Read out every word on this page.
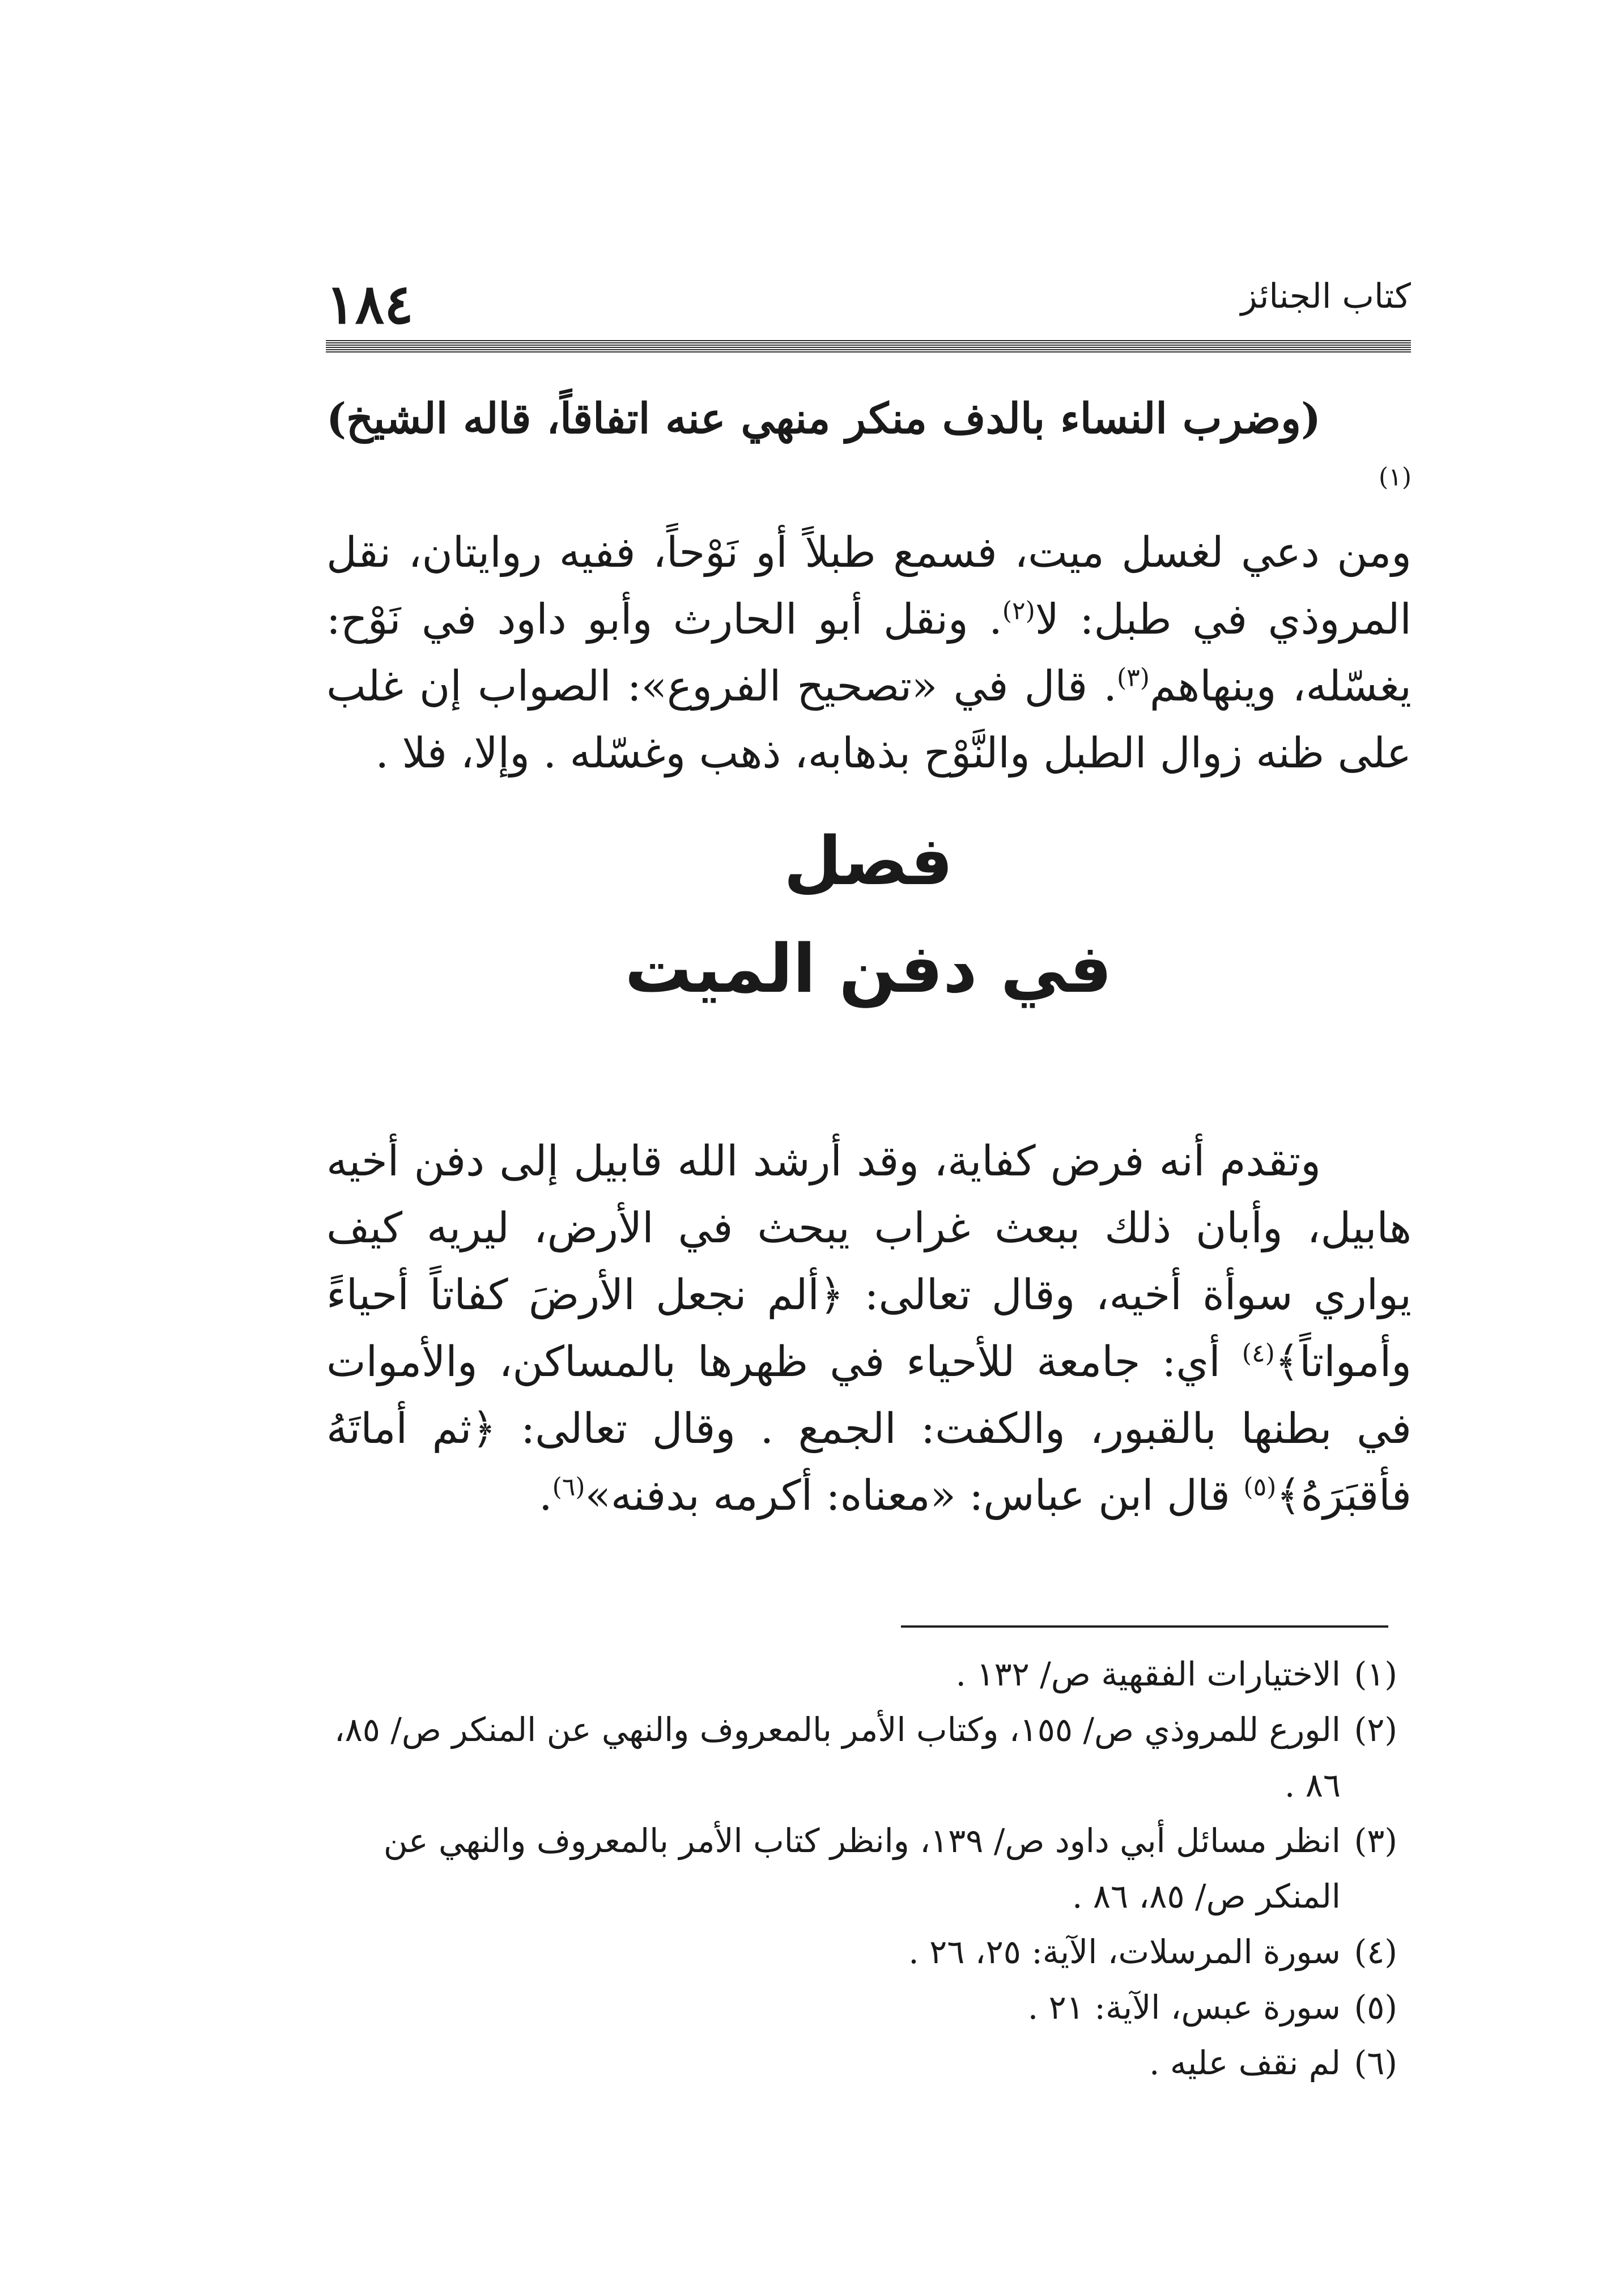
١٨٤	كتاب الجنائز

(وضرب النساء بالدف منكر منهي عنه اتفاقاً، قاله الشيخ)$^{(١)}$

ومن دعي لغسل ميت، فسمع طبلاً أو نَوْحاً، ففيه روايتان، نقل المروذي في طبل: لا$^{(٢)}$. ونقل أبو الحارث وأبو داود في نَوْح: يغسّله، وينهاهم$^{(٣)}$. قال في «تصحيح الفروع»: الصواب إن غلب على ظنه زوال الطبل والنَّوْح بذهابه، ذهب وغسّله . وإلا، فلا .

فصل
في دفن الميت

وتقدم أنه فرض كفاية، وقد أرشد الله قابيل إلى دفن أخيه هابيل، وأبان ذلك ببعث غراب يبحث في الأرض، ليريه كيف يواري سوأة أخيه، وقال تعالى: ﴿ألم نجعل الأرضَ كفاتاً أحياءً وأمواتاً﴾$^{(٤)}$ أي: جامعة للأحياء في ظهرها بالمساكن، والأموات في بطنها بالقبور، والكفت: الجمع . وقال تعالى: ﴿ثم أماتَهُ فأقبَرَهُ﴾$^{(٥)}$ قال ابن عباس: «معناه: أكرمه بدفنه»$^{(٦)}$.

(١)
الاختيارات الفقهية ص/ ١٣٢ .
(٢)
الورع للمروذي ص/ ١٥٥، وكتاب الأمر بالمعروف والنهي عن المنكر ص/ ٨٥، ٨٦ .
(٣)
انظر مسائل أبي داود ص/ ١٣٩، وانظر كتاب الأمر بالمعروف والنهي عن المنكر ص/ ٨٥، ٨٦ .
(٤)
سورة المرسلات، الآية: ٢٥، ٢٦ .
(٥)
سورة عبس، الآية: ٢١ .
(٦)
لم نقف عليه .
